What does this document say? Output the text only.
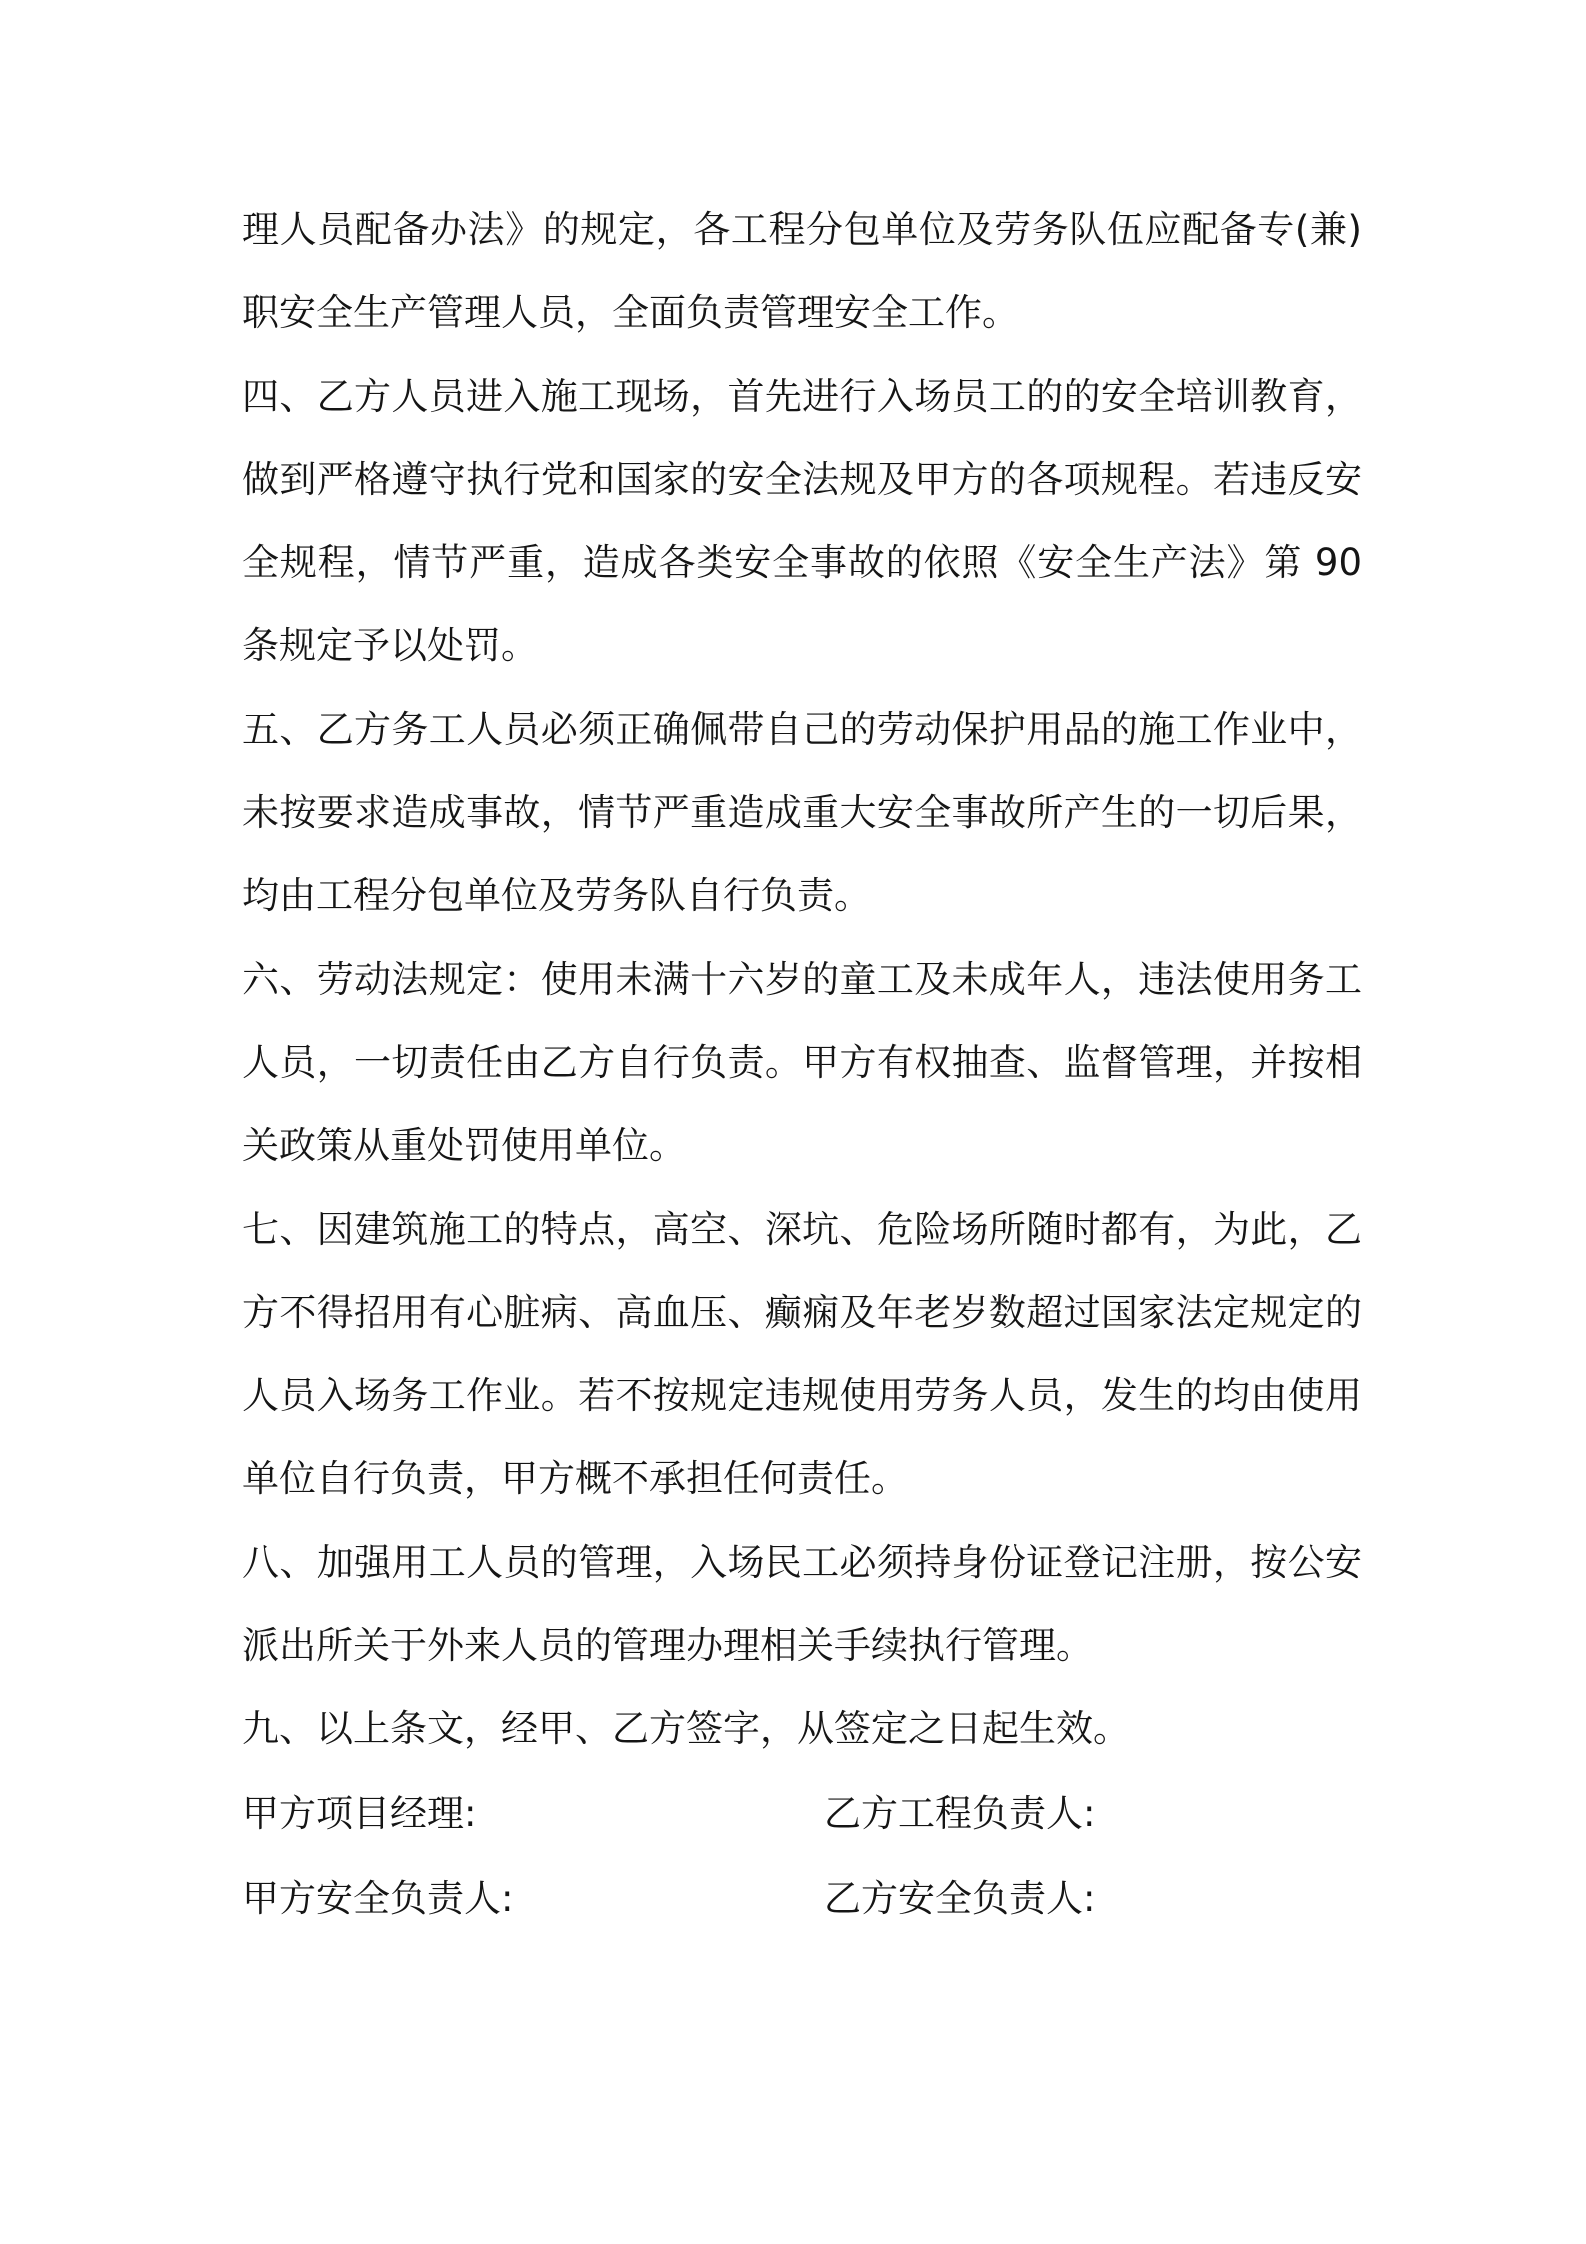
理人员配备办法》的规定，各工程分包单位及劳务队伍应配备专(兼)
职安全生产管理人员，全面负责管理安全工作。
四、乙方人员进入施工现场，首先进行入场员工的的安全培训教育，
做到严格遵守执行党和国家的安全法规及甲方的各项规程。若违反安
全规程，情节严重，造成各类安全事故的依照《安全生产法》第 90
条规定予以处罚。
五、乙方务工人员必须正确佩带自己的劳动保护用品的施工作业中，
未按要求造成事故，情节严重造成重大安全事故所产生的一切后果，
均由工程分包单位及劳务队自行负责。
六、劳动法规定：使用未满十六岁的童工及未成年人，违法使用务工
人员，一切责任由乙方自行负责。甲方有权抽查、监督管理，并按相
关政策从重处罚使用单位。
七、因建筑施工的特点，高空、深坑、危险场所随时都有，为此，乙
方不得招用有心脏病、高血压、癫痫及年老岁数超过国家法定规定的
人员入场务工作业。若不按规定违规使用劳务人员，发生的均由使用
单位自行负责，甲方概不承担任何责任。
八、加强用工人员的管理，入场民工必须持身份证登记注册，按公安
派出所关于外来人员的管理办理相关手续执行管理。
九、以上条文，经甲、乙方签字，从签定之日起生效。
甲方项目经理:	乙方工程负责人:
甲方安全负责人:	乙方安全负责人:
